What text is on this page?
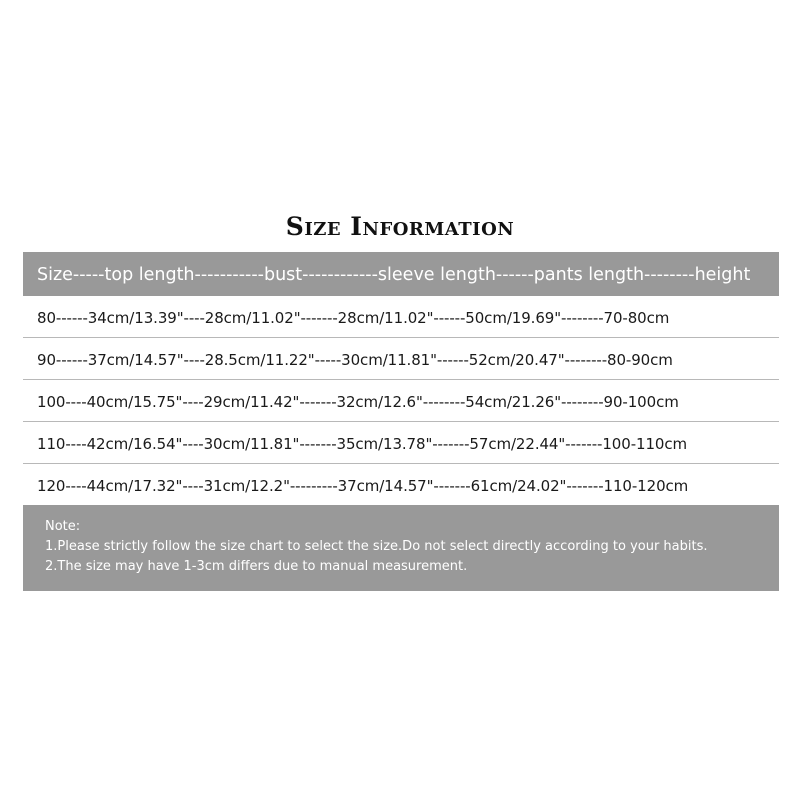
Size Information
Size-----top length-----------bust------------sleeve length------pants length--------height
80------34cm/13.39"----28cm/11.02"-------28cm/11.02"------50cm/19.69"--------70-80cm
90------37cm/14.57"----28.5cm/11.22"-----30cm/11.81"------52cm/20.47"--------80-90cm
100----40cm/15.75"----29cm/11.42"-------32cm/12.6"--------54cm/21.26"--------90-100cm
110----42cm/16.54"----30cm/11.81"-------35cm/13.78"-------57cm/22.44"-------100-110cm
120----44cm/17.32"----31cm/12.2"---------37cm/14.57"-------61cm/24.02"-------110-120cm
Note:
1.Please strictly follow the size chart to select the size.Do not select directly according to your habits.
2.The size may have 1-3cm differs due to manual measurement.
